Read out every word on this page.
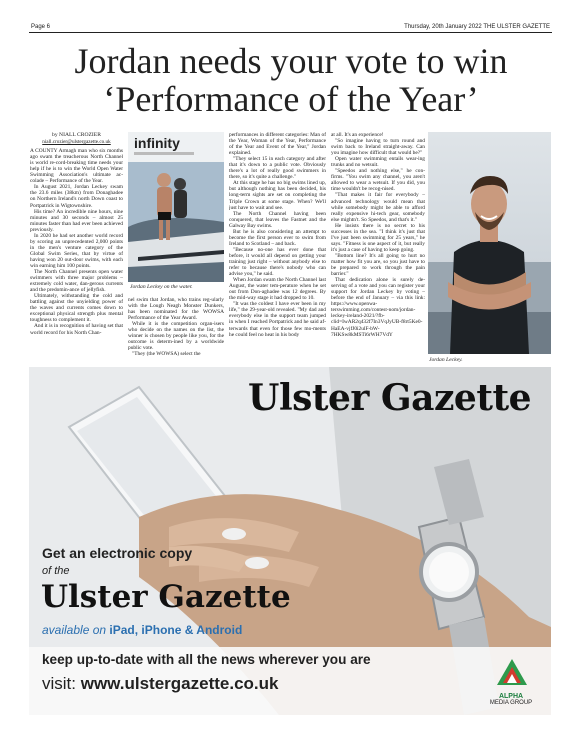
Page 6	Thursday, 20th January 2022 THE ULSTER GAZETTE
Jordan needs your vote to win
‘Performance of the Year’
by NIALL CROZIER
niall.crozier@ulstergazette.co.uk

A COUNTY Armagh man who six months ago swam the treacherous North Channel is world re-cord-breaking time needs your help if he is to win the World Open Water Swimming Association's ultimate ac-colade – Performance of the Year.

In August 2021, Jordan Leckey swam the 23.6 miles (38km) from Donaghadee on Northern Ireland's north Down coast to Portpatrick in Wigtownshire.

His time? An incredible nine hours, nine minutes and 30 seconds – almost 25 minutes faster than had ever been achieved previously.

In 2020 he had set another world record by scoring an unprecedented 2,000 points in the men's venture category of the Global Swim Series, that by virtue of having won 20 out-door swims, with each win earning him 100 points.

The North Channel presents open water swimmers with three major problems – extremely cold water, dan-gerous currents and the predomin-ance of jellyfish.

Ultimately, withstanding the cold and battling against the unyielding power of the waves and currents comes down to exceptional physical strength plus mental toughness to complement it.

And it is in recognition of having set that world record for his North Chan-

infinity
Jordan Leckey on the water.

nel swim that Jordan, who trains reg-ularly with the Lough Neagh Monster Dunkers, has been nominated for the WOWSA Performance of the Year Award.

While it is the competition organ-isers who decide on the names on the list, the winner is chosen by people like you, for the outcome is determ-ined by a worldwide public vote.

"They (the WOWSA) select the

performances in different categories: Man of the Year, Woman of the Year, Performance of the Year and Event of the Year," Jordan explained.

"They select 15 in each category and after that it's down to a public vote. Obviously there's a lot of really good swimmers in there, so it's quite a challenge."

At this stage he has no big swims lined up, but although nothing has been decided, his long-term sights are set on completing the Triple Crown at some stage. When? We'll just have to wait and see.

The North Channel having been conquered, that leaves the Fastnet and the Galway Bay swims.

But he is also considering an attempt to become the first person ever to swim from Ireland to Scotland – and back.

"Because no-one has ever done that before, it would all depend on getting your training just right – without anybody else to refer to because there's nobody who can advise you," he said.

When Jordan swam the North Channel last August, the water tem-perature when he set out from Don-aghadee was 12 degrees. By the mid-way stage it had dropped to 10.

"It was the coldest I have ever been in my life," the 29-year-old revealed. "My dad and everybody else in the support team jumped in when I reached Portpatrick and he said af-terwards that even for those few mo-ments he could feel no heat in his body

at all. It's an experience!

"So imagine having to turn round and swim back to Ireland straight-away. Can you imagine how difficult that would be?"

Open water swimming entails wear-ing trunks and no wetsuit.

"Speedos and nothing else," he con-firms. "You swim any channel, you aren't allowed to wear a wetsuit. If you did, you time wouldn't be recog-nised.

"That makes it fair for everybody – advanced technology would mean that while somebody might be able to afford really expensive hi-tech gear, somebody else mightn't. So Speedos, and that's it."

He insists there is no secret to his successes in the sea. "I think it's just that I've just been swimming for 25 years," he says. "Fitness is one aspect of it, but really it's just a case of having to keep going.

"Bottom line? It's all going to hurt no matter how fit you are, so you just have to be prepared to work through the pain barrier."

That dedication alone is surely de-serving of a vote and you can register your support for Jordan Leckey by voting – before the end of January – via this link: https://www.openwa-terswimming.com/contest-nom/jordan-leckey-ireland-2021/?fb-clid=IwAR2q432f7In3VqJyUB-f8rt5Ke0-HaEA-vjfJ0i2ulF-bW-7HKSw8kMSTi6rWH7VdY

Jordan Leckey.
Ulster Gazette
Get an electronic copy
of the
Ulster Gazette
available on iPad, iPhone & Android
keep up-to-date with all the news wherever you are
visit: www.ulstergazette.co.uk
ALPHA
MEDIA GROUP
